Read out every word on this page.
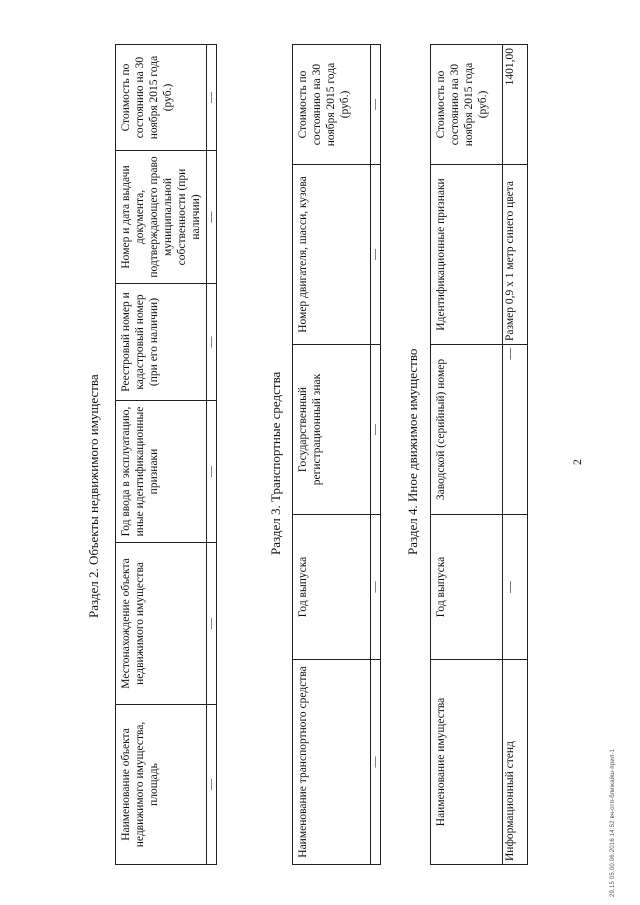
2
Раздел 2. Объекты недвижимого имущества
Наименование объекта недвижимого имущества, площадь	Местонахождение объекта недвижимого имущества	Год ввода в эксплуатацию, иные идентификационные признаки	Реестровый номер и кадастровый номер (при его наличии)	Номер и дата выдачи документа, подтверждающего право муниципальной собственности (при наличии)	Стоимость по состоянию на 30 ноября 2015 года (руб.)
—	—	—	—	—	—
Раздел 3. Транспортные средства
Наименование транспортного средства	Год выпуска	Государственный регистрационный знак	Номер двигателя, шасси, кузова	Стоимость по состоянию на 30 ноября 2015 года (руб.)
—	—	—	—	—
Раздел 4. Иное движимое имущество
Наименование имущества	Год выпуска	Заводской (серийный) номер	Идентификационные признаки	Стоимость по состоянию на 30 ноября 2015 года (руб.)
Информационный стенд	—	—	Размер 0,9 х 1 метр синего цвета	1401,00
29.15 05.00.06.2016 14:52 вч-отп-ближайш-прил-1
